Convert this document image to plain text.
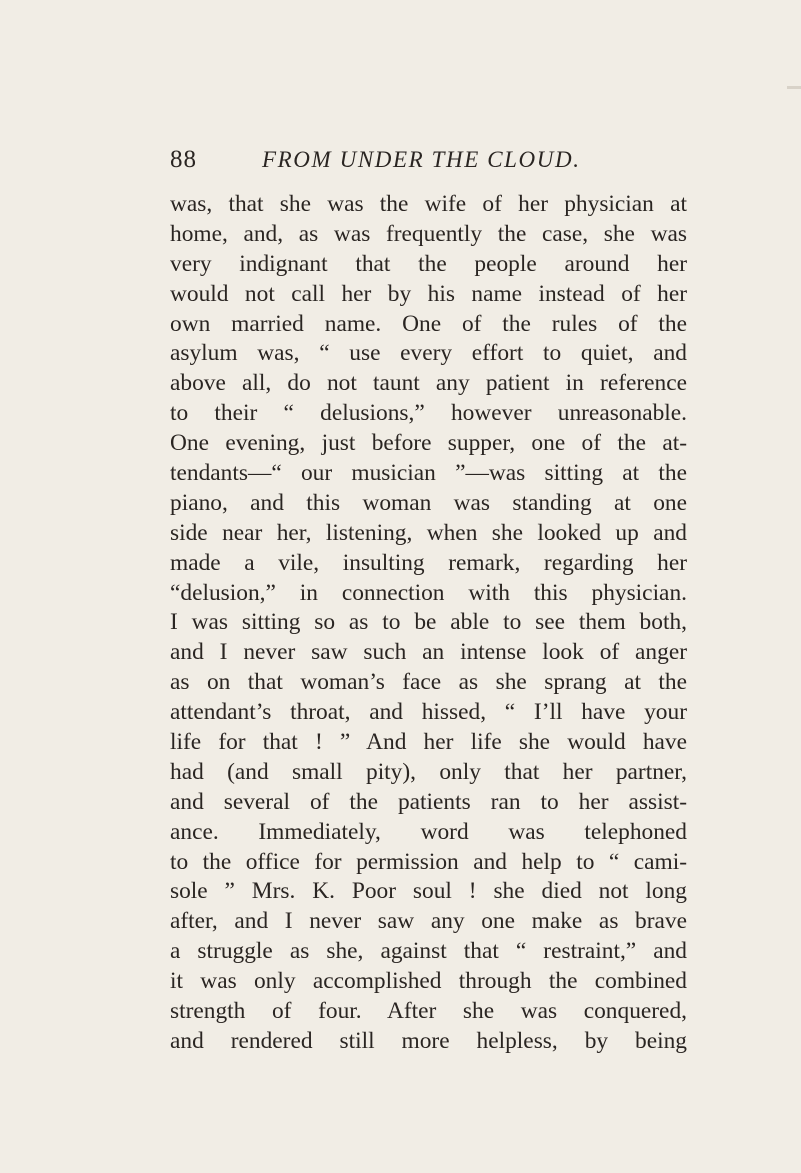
88	FROM UNDER THE CLOUD.
was, that she was the wife of her physician at
home, and, as was frequently the case, she was
very indignant that the people around her
would not call her by his name instead of her
own married name. One of the rules of the
asylum was, “ use every effort to quiet, and
above all, do not taunt any patient in reference
to their “ delusions,” however unreasonable.
One evening, just before supper, one of the at-
tendants—“ our musician ”—was sitting at the
piano, and this woman was standing at one
side near her, listening, when she looked up and
made a vile, insulting remark, regarding her
“delusion,” in connection with this physician.
I was sitting so as to be able to see them both,
and I never saw such an intense look of anger
as on that woman’s face as she sprang at the
attendant’s throat, and hissed, “ I’ll have your
life for that ! ” And her life she would have
had (and small pity), only that her partner,
and several of the patients ran to her assist-
ance. Immediately, word was telephoned
to the office for permission and help to “ cami-
sole ” Mrs. K. Poor soul ! she died not long
after, and I never saw any one make as brave
a struggle as she, against that “ restraint,” and
it was only accomplished through the combined
strength of four. After she was conquered,
and rendered still more helpless, by being
